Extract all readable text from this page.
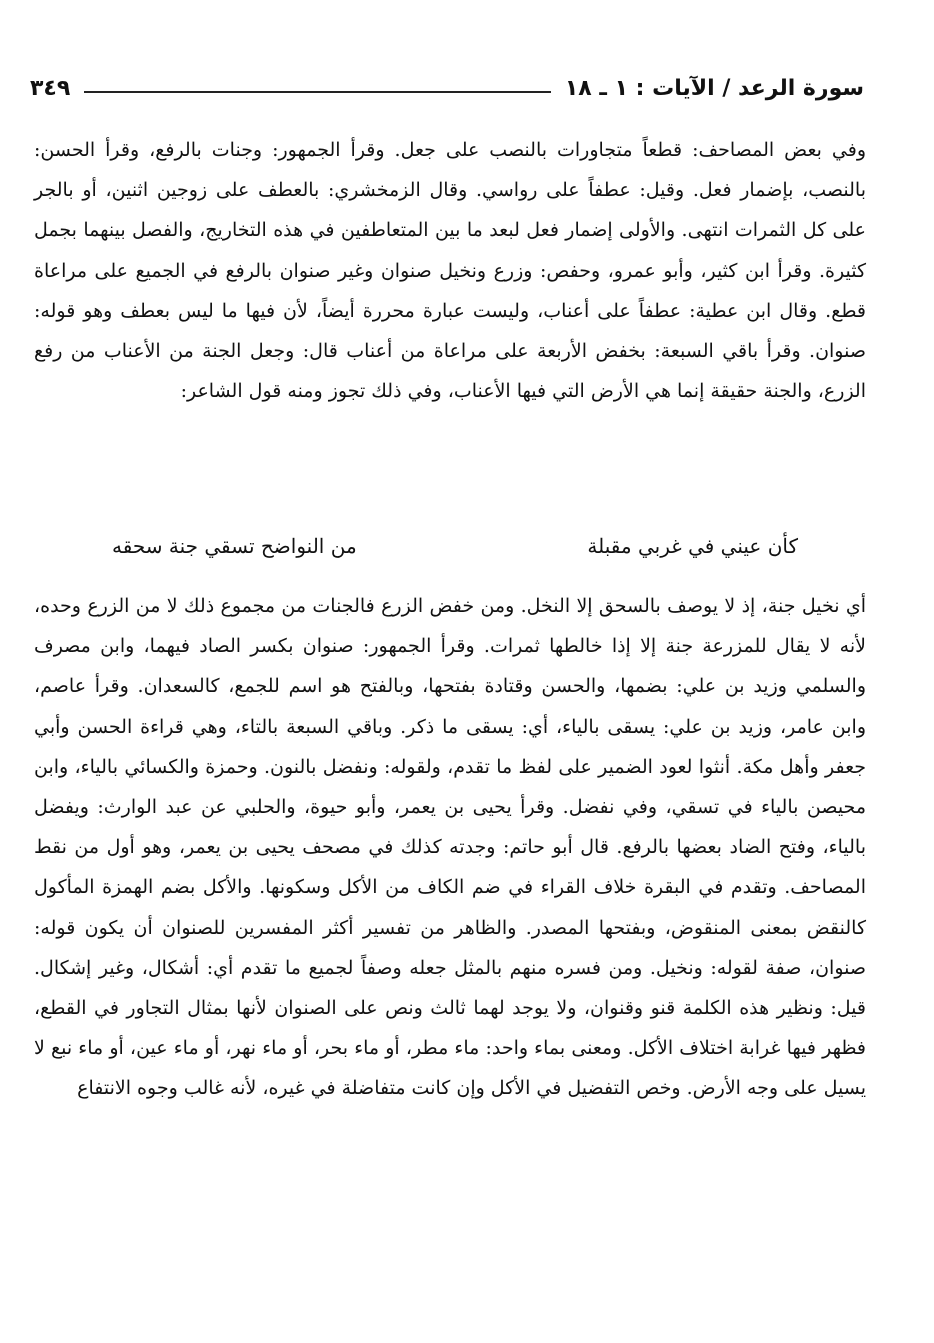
سورة الرعد / الآيات : ١ ـ ١٨
٣٤٩

وفي بعض المصاحف: قطعاً متجاورات بالنصب على جعل. وقرأ الجمهور: وجنات بالرفع، وقرأ الحسن: بالنصب، بإضمار فعل. وقيل: عطفاً على رواسي. وقال الزمخشري: بالعطف على زوجين اثنين، أو بالجر على كل الثمرات انتهى. والأولى إضمار فعل لبعد ما بين المتعاطفين في هذه التخاريج، والفصل بينهما بجمل كثيرة. وقرأ ابن كثير، وأبو عمرو، وحفص: وزرع ونخيل صنوان وغير صنوان بالرفع في الجميع على مراعاة قطع. وقال ابن عطية: عطفاً على أعناب، وليست عبارة محررة أيضاً، لأن فيها ما ليس بعطف وهو قوله: صنوان. وقرأ باقي السبعة: بخفض الأربعة على مراعاة من أعناب قال: وجعل الجنة من الأعناب من رفع الزرع، والجنة حقيقة إنما هي الأرض التي فيها الأعناب، وفي ذلك تجوز ومنه قول الشاعر:

كأن عيني في غربي مقبلة
من النواضح تسقي جنة سحقه

أي نخيل جنة، إذ لا يوصف بالسحق إلا النخل. ومن خفض الزرع فالجنات من مجموع ذلك لا من الزرع وحده، لأنه لا يقال للمزرعة جنة إلا إذا خالطها ثمرات. وقرأ الجمهور: صنوان بكسر الصاد فيهما، وابن مصرف والسلمي وزيد بن علي: بضمها، والحسن وقتادة بفتحها، وبالفتح هو اسم للجمع، كالسعدان. وقرأ عاصم، وابن عامر، وزيد بن علي: يسقى بالياء، أي: يسقى ما ذكر. وباقي السبعة بالتاء، وهي قراءة الحسن وأبي جعفر وأهل مكة. أنثوا لعود الضمير على لفظ ما تقدم، ولقوله: ونفضل بالنون. وحمزة والكسائي بالياء، وابن محيصن بالياء في تسقي، وفي نفضل. وقرأ يحيى بن يعمر، وأبو حيوة، والحلبي عن عبد الوارث: ويفضل بالياء، وفتح الضاد بعضها بالرفع. قال أبو حاتم: وجدته كذلك في مصحف يحيى بن يعمر، وهو أول من نقط المصاحف. وتقدم في البقرة خلاف القراء في ضم الكاف من الأكل وسكونها. والأكل بضم الهمزة المأكول كالنقض بمعنى المنقوض، وبفتحها المصدر. والظاهر من تفسير أكثر المفسرين للصنوان أن يكون قوله: صنوان، صفة لقوله: ونخيل. ومن فسره منهم بالمثل جعله وصفاً لجميع ما تقدم أي: أشكال، وغير إشكال. قيل: ونظير هذه الكلمة قنو وقنوان، ولا يوجد لهما ثالث ونص على الصنوان لأنها بمثال التجاور في القطع، فظهر فيها غرابة اختلاف الأكل. ومعنى بماء واحد: ماء مطر، أو ماء بحر، أو ماء نهر، أو ماء عين، أو ماء نبع لا يسيل على وجه الأرض. وخص التفضيل في الأكل وإن كانت متفاضلة في غيره، لأنه غالب وجوه الانتفاع
